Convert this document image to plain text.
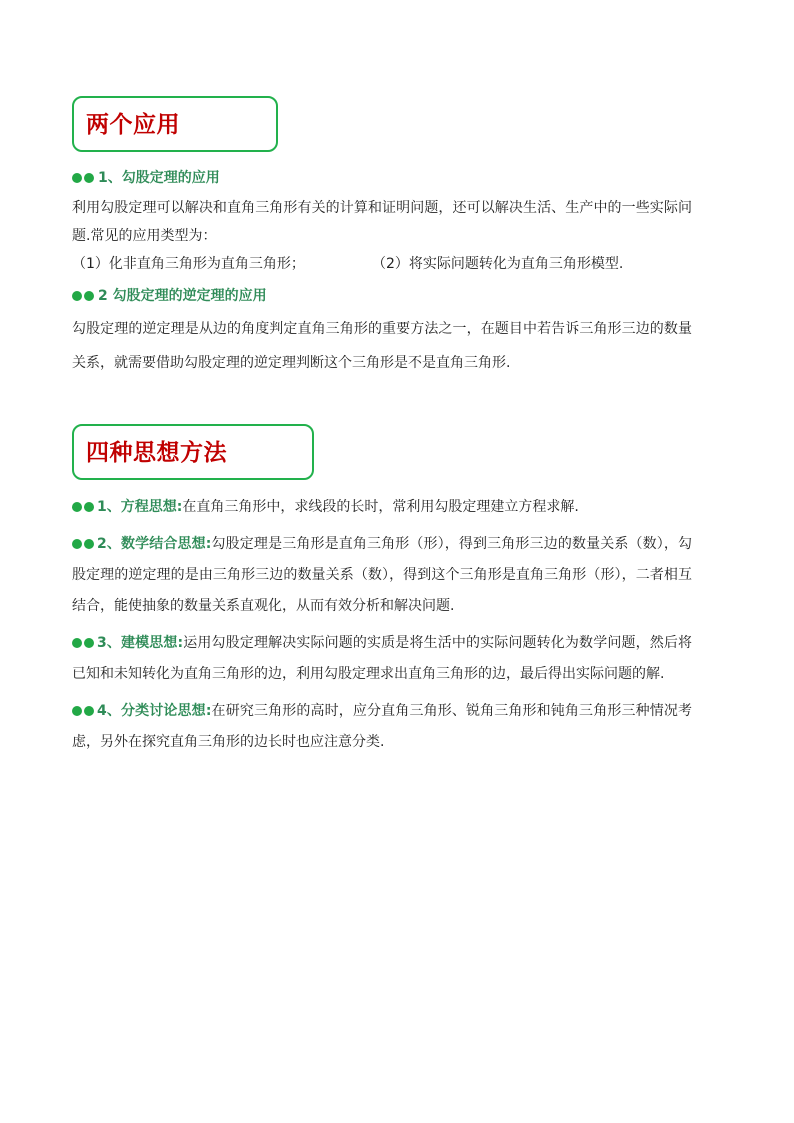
两个应用
1、勾股定理的应用
利用勾股定理可以解决和直角三角形有关的计算和证明问题，还可以解决生活、生产中的一些实际问题.常见的应用类型为：
（1）化非直角三角形为直角三角形；	（2）将实际问题转化为直角三角形模型.
2 勾股定理的逆定理的应用
勾股定理的逆定理是从边的角度判定直角三角形的重要方法之一，在题目中若告诉三角形三边的数量关系，就需要借助勾股定理的逆定理判断这个三角形是不是直角三角形.
四种思想方法
1、方程思想:在直角三角形中，求线段的长时，常利用勾股定理建立方程求解.
2、数学结合思想:勾股定理是三角形是直角三角形（形），得到三角形三边的数量关系（数），勾股定理的逆定理的是由三角形三边的数量关系（数），得到这个三角形是直角三角形（形），二者相互结合，能使抽象的数量关系直观化，从而有效分析和解决问题.
3、建模思想:运用勾股定理解决实际问题的实质是将生活中的实际问题转化为数学问题，然后将已知和未知转化为直角三角形的边，利用勾股定理求出直角三角形的边，最后得出实际问题的解.
4、分类讨论思想:在研究三角形的高时，应分直角三角形、锐角三角形和钝角三角形三种情况考虑，另外在探究直角三角形的边长时也应注意分类.
